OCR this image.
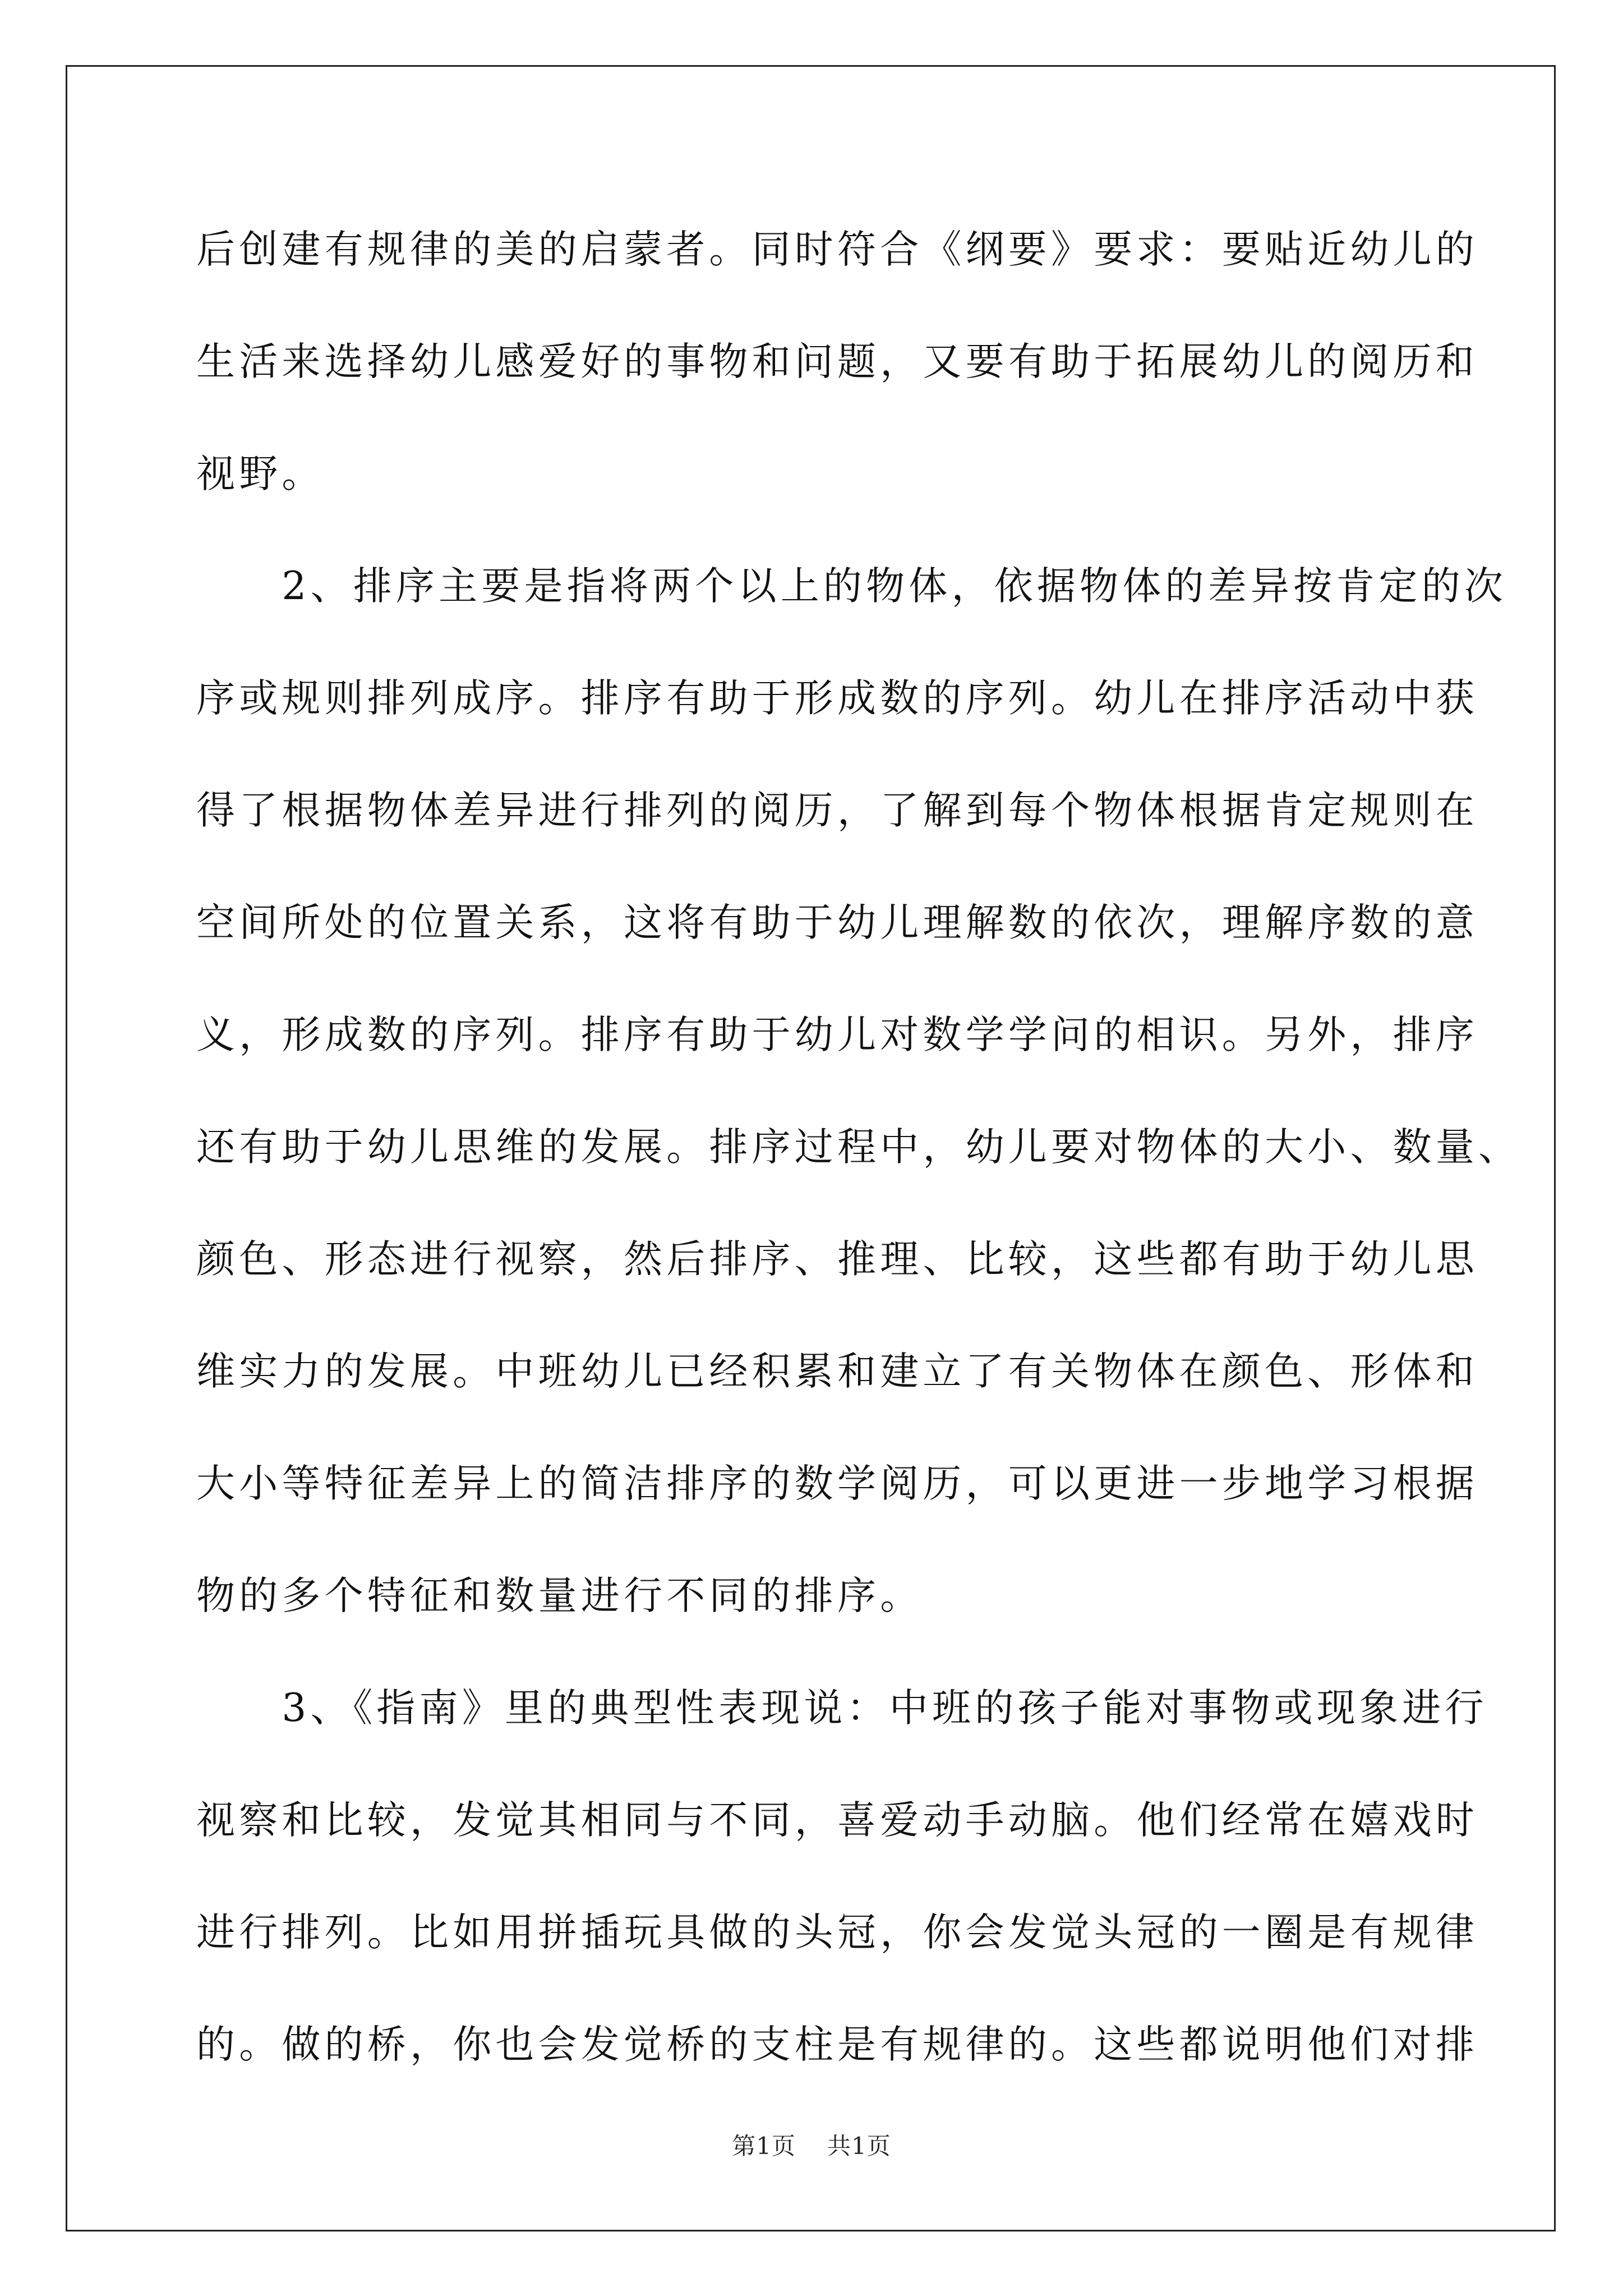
后创建有规律的美的启蒙者。同时符合《纲要》要求：要贴近幼儿的
生活来选择幼儿感爱好的事物和问题，又要有助于拓展幼儿的阅历和
视野。
　　2、排序主要是指将两个以上的物体，依据物体的差异按肯定的次
序或规则排列成序。排序有助于形成数的序列。幼儿在排序活动中获
得了根据物体差异进行排列的阅历，了解到每个物体根据肯定规则在
空间所处的位置关系，这将有助于幼儿理解数的依次，理解序数的意
义，形成数的序列。排序有助于幼儿对数学学问的相识。另外，排序
还有助于幼儿思维的发展。排序过程中，幼儿要对物体的大小、数量、
颜色、形态进行视察，然后排序、推理、比较，这些都有助于幼儿思
维实力的发展。中班幼儿已经积累和建立了有关物体在颜色、形体和
大小等特征差异上的简洁排序的数学阅历，可以更进一步地学习根据
物的多个特征和数量进行不同的排序。
　　3、《指南》里的典型性表现说：中班的孩子能对事物或现象进行
视察和比较，发觉其相同与不同，喜爱动手动脑。他们经常在嬉戏时
进行排列。比如用拼插玩具做的头冠，你会发觉头冠的一圈是有规律
的。做的桥，你也会发觉桥的支柱是有规律的。这些都说明他们对排
第1页 共1页
